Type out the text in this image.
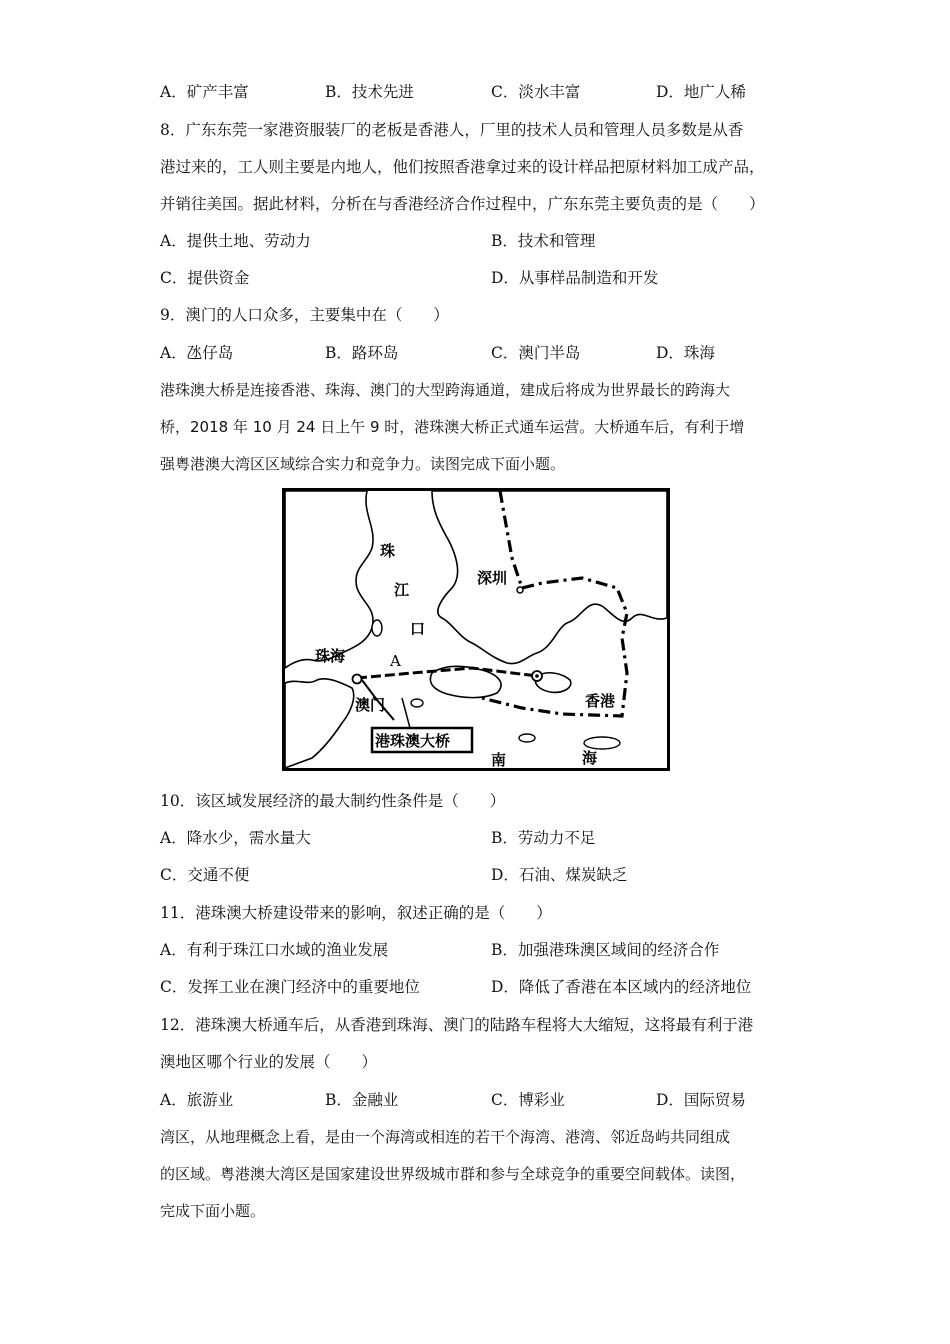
A．矿产丰富	B．技术先进	C．淡水丰富	D．地广人稀
8．广东东莞一家港资服装厂的老板是香港人，厂里的技术人员和管理人员多数是从香
港过来的，工人则主要是内地人，他们按照香港拿过来的设计样品把原材料加工成产品，
并销往美国。据此材料，分析在与香港经济合作过程中，广东东莞主要负责的是（　　）
A．提供土地、劳动力	B．技术和管理
C．提供资金	D．从事样品制造和开发
9．澳门的人口众多，主要集中在（　　）
A．氹仔岛	B．路环岛	C．澳门半岛	D．珠海
港珠澳大桥是连接香港、珠海、澳门的大型跨海通道，建成后将成为世界最长的跨海大
桥，2018 年 10 月 24 日上午 9 时，港珠澳大桥正式通车运营。大桥通车后，有利于增
强粤港澳大湾区区域综合实力和竞争力。读图完成下面小题。
珠
江
口
深圳
珠海	A
澳门	香港
南	海
港珠澳大桥
10．该区域发展经济的最大制约性条件是（　　）
A．降水少，需水量大	B．劳动力不足
C．交通不便	D．石油、煤炭缺乏
11．港珠澳大桥建设带来的影响，叙述正确的是（　　）
A．有利于珠江口水域的渔业发展	B．加强港珠澳区域间的经济合作
C．发挥工业在澳门经济中的重要地位	D．降低了香港在本区域内的经济地位
12．港珠澳大桥通车后，从香港到珠海、澳门的陆路车程将大大缩短，这将最有利于港
澳地区哪个行业的发展（　　）
A．旅游业	B．金融业	C．博彩业	D．国际贸易
湾区，从地理概念上看，是由一个海湾或相连的若干个海湾、港湾、邻近岛屿共同组成
的区域。粤港澳大湾区是国家建设世界级城市群和参与全球竞争的重要空间载体。读图，
完成下面小题。
